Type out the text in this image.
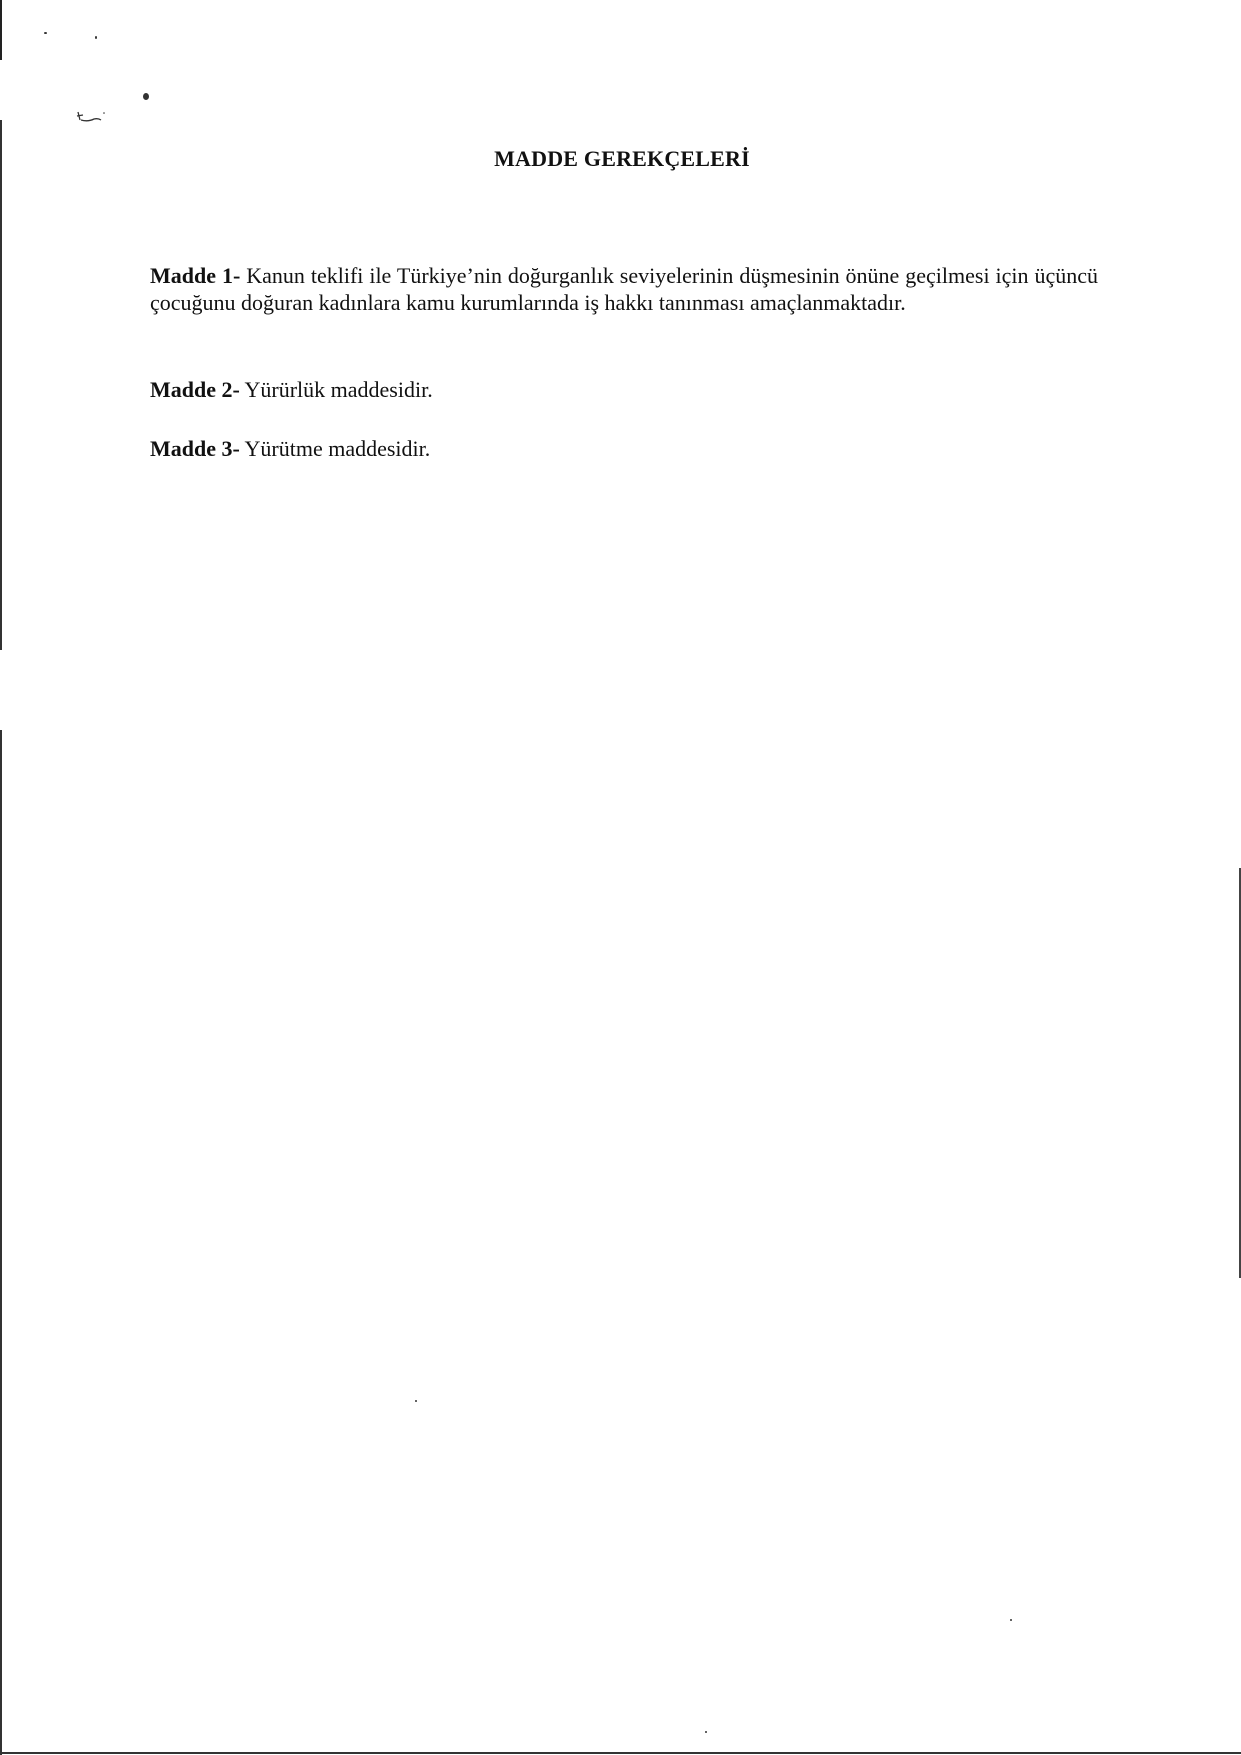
MADDE GEREKÇELERİ
Madde 1- Kanun teklifi ile Türkiye’nin doğurganlık seviyelerinin düşmesinin önüne geçilmesi için üçüncü çocuğunu doğuran kadınlara kamu kurumlarında iş hakkı tanınması amaçlanmaktadır.
Madde 2- Yürürlük maddesidir.
Madde 3- Yürütme maddesidir.
